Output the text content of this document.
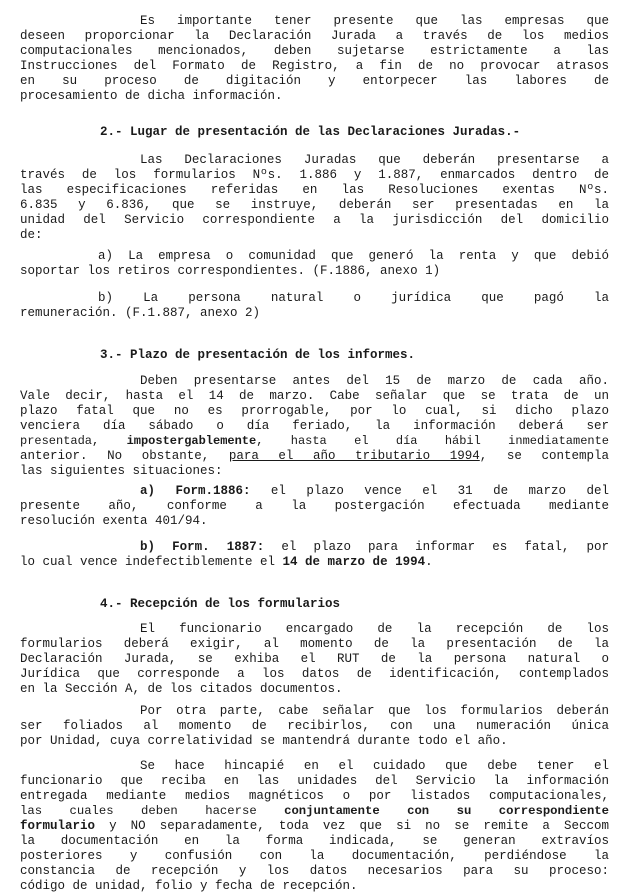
Es importante tener presente que las empresas que
deseen proporcionar la Declaración Jurada a través de los medios
computacionales mencionados, deben sujetarse estrictamente a las
Instrucciones del Formato de Registro, a fin de no provocar atrasos
en su proceso de digitación y entorpecer las labores de
procesamiento de dicha información.
2.- Lugar de presentación de las Declaraciones Juradas.-
Las Declaraciones Juradas que deberán presentarse a
través de los formularios Nºs. 1.886 y 1.887, enmarcados dentro de
las especificaciones referidas en las Resoluciones exentas Nºs.
6.835 y 6.836, que se instruye, deberán ser presentadas en la
unidad del Servicio correspondiente a la jurisdicción del domicilio
de:
a) La empresa o comunidad que generó la renta y que debió
soportar los retiros correspondientes. (F.1886, anexo 1)
b) La persona natural o jurídica que pagó la
remuneración. (F.1.887, anexo 2)
3.- Plazo de presentación de los informes.
Deben presentarse antes del 15 de marzo de cada año.
Vale decir, hasta el 14 de marzo. Cabe señalar que se trata de un
plazo fatal que no es prorrogable, por lo cual, si dicho plazo
venciera día sábado o día feriado, la información deberá ser
presentada, impostergablemente, hasta el día hábil inmediatamente
anterior. No obstante, para el año tributario 1994, se contempla
las siguientes situaciones:
a) Form.1886: el plazo vence el 31 de marzo del
presente año, conforme a la postergación efectuada mediante
resolución exenta 401/94.
b) Form. 1887: el plazo para informar es fatal, por
lo cual vence indefectiblemente el 14 de marzo de 1994.
4.- Recepción de los formularios
El funcionario encargado de la recepción de los
formularios deberá exigir, al momento de la presentación de la
Declaración Jurada, se exhiba el RUT de la persona natural o
Jurídica que corresponde a los datos de identificación, contemplados
en la Sección A, de los citados documentos.
Por otra parte, cabe señalar que los formularios deberán
ser foliados al momento de recibirlos, con una numeración única
por Unidad, cuya correlatividad se mantendrá durante todo el año.
Se hace hincapié en el cuidado que debe tener el
funcionario que reciba en las unidades del Servicio la información
entregada mediante medios magnéticos o por listados computacionales,
las cuales deben hacerse conjuntamente con su correspondiente
formulario y NO separadamente, toda vez que si no se remite a Seccom
la documentación en la forma indicada, se generan extravíos
posteriores y confusión con la documentación, perdiéndose la
constancia de recepción y los datos necesarios para su proceso:
código de unidad, folio y fecha de recepción.
